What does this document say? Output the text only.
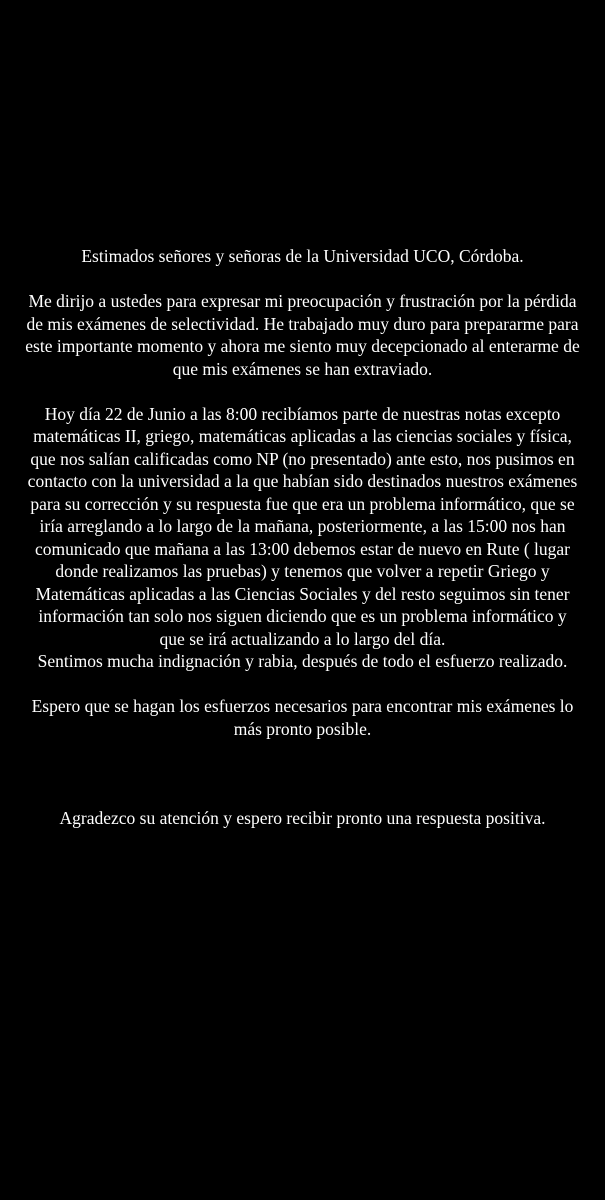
Estimados señores y señoras de la Universidad UCO, Córdoba.

Me dirijo a ustedes para expresar mi preocupación y frustración por la pérdida de mis exámenes de selectividad. He trabajado muy duro para prepararme para este importante momento y ahora me siento muy decepcionado al enterarme de que mis exámenes se han extraviado.

Hoy día 22 de Junio a las 8:00 recibíamos parte de nuestras notas excepto matemáticas II, griego, matemáticas aplicadas a las ciencias sociales y física, que nos salían calificadas como NP (no presentado) ante esto, nos pusimos en contacto con la universidad a la que habían sido destinados nuestros exámenes para su corrección y su respuesta fue que era un problema informático, que se iría arreglando a lo largo de la mañana, posteriormente, a las 15:00 nos han comunicado que mañana a las 13:00 debemos estar de nuevo en Rute ( lugar donde realizamos las pruebas) y tenemos que volver a repetir Griego y Matemáticas aplicadas a las Ciencias Sociales y del resto seguimos sin tener información tan solo nos siguen diciendo que es un problema informático y que se irá actualizando a lo largo del día.

Sentimos mucha indignación y rabia, después de todo el esfuerzo realizado.

Espero que se hagan los esfuerzos necesarios para encontrar mis exámenes lo más pronto posible.

Agradezco su atención y espero recibir pronto una respuesta positiva.
